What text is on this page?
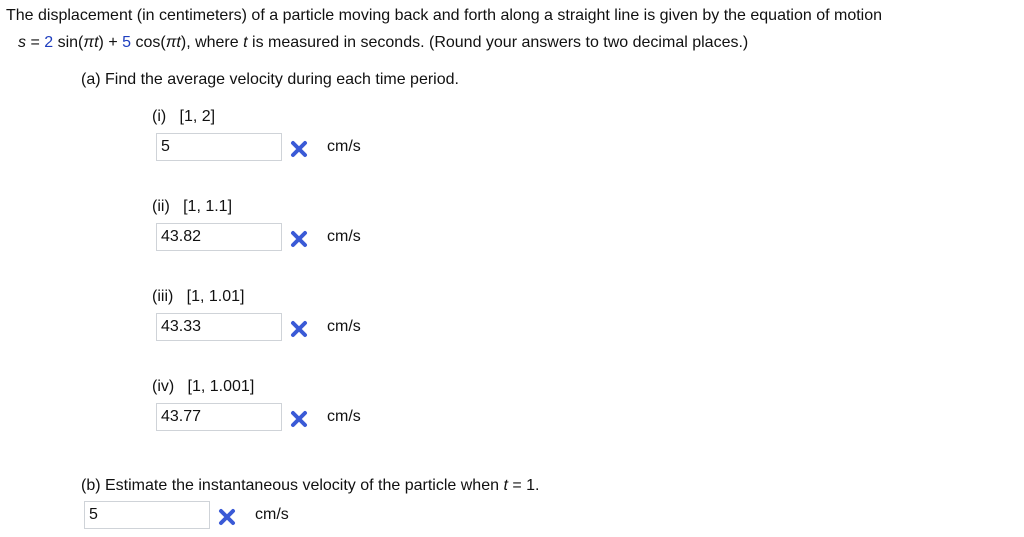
The displacement (in centimeters) of a particle moving back and forth along a straight line is given by the equation of motion
s = 2 sin(πt) + 5 cos(πt), where t is measured in seconds. (Round your answers to two decimal places.)
(a) Find the average velocity during each time period.
(i)   [1, 2]
5
cm/s
(ii)   [1, 1.1]
43.82
cm/s
(iii)   [1, 1.01]
43.33
cm/s
(iv)   [1, 1.001]
43.77
cm/s
(b) Estimate the instantaneous velocity of the particle when t = 1.
5
cm/s
